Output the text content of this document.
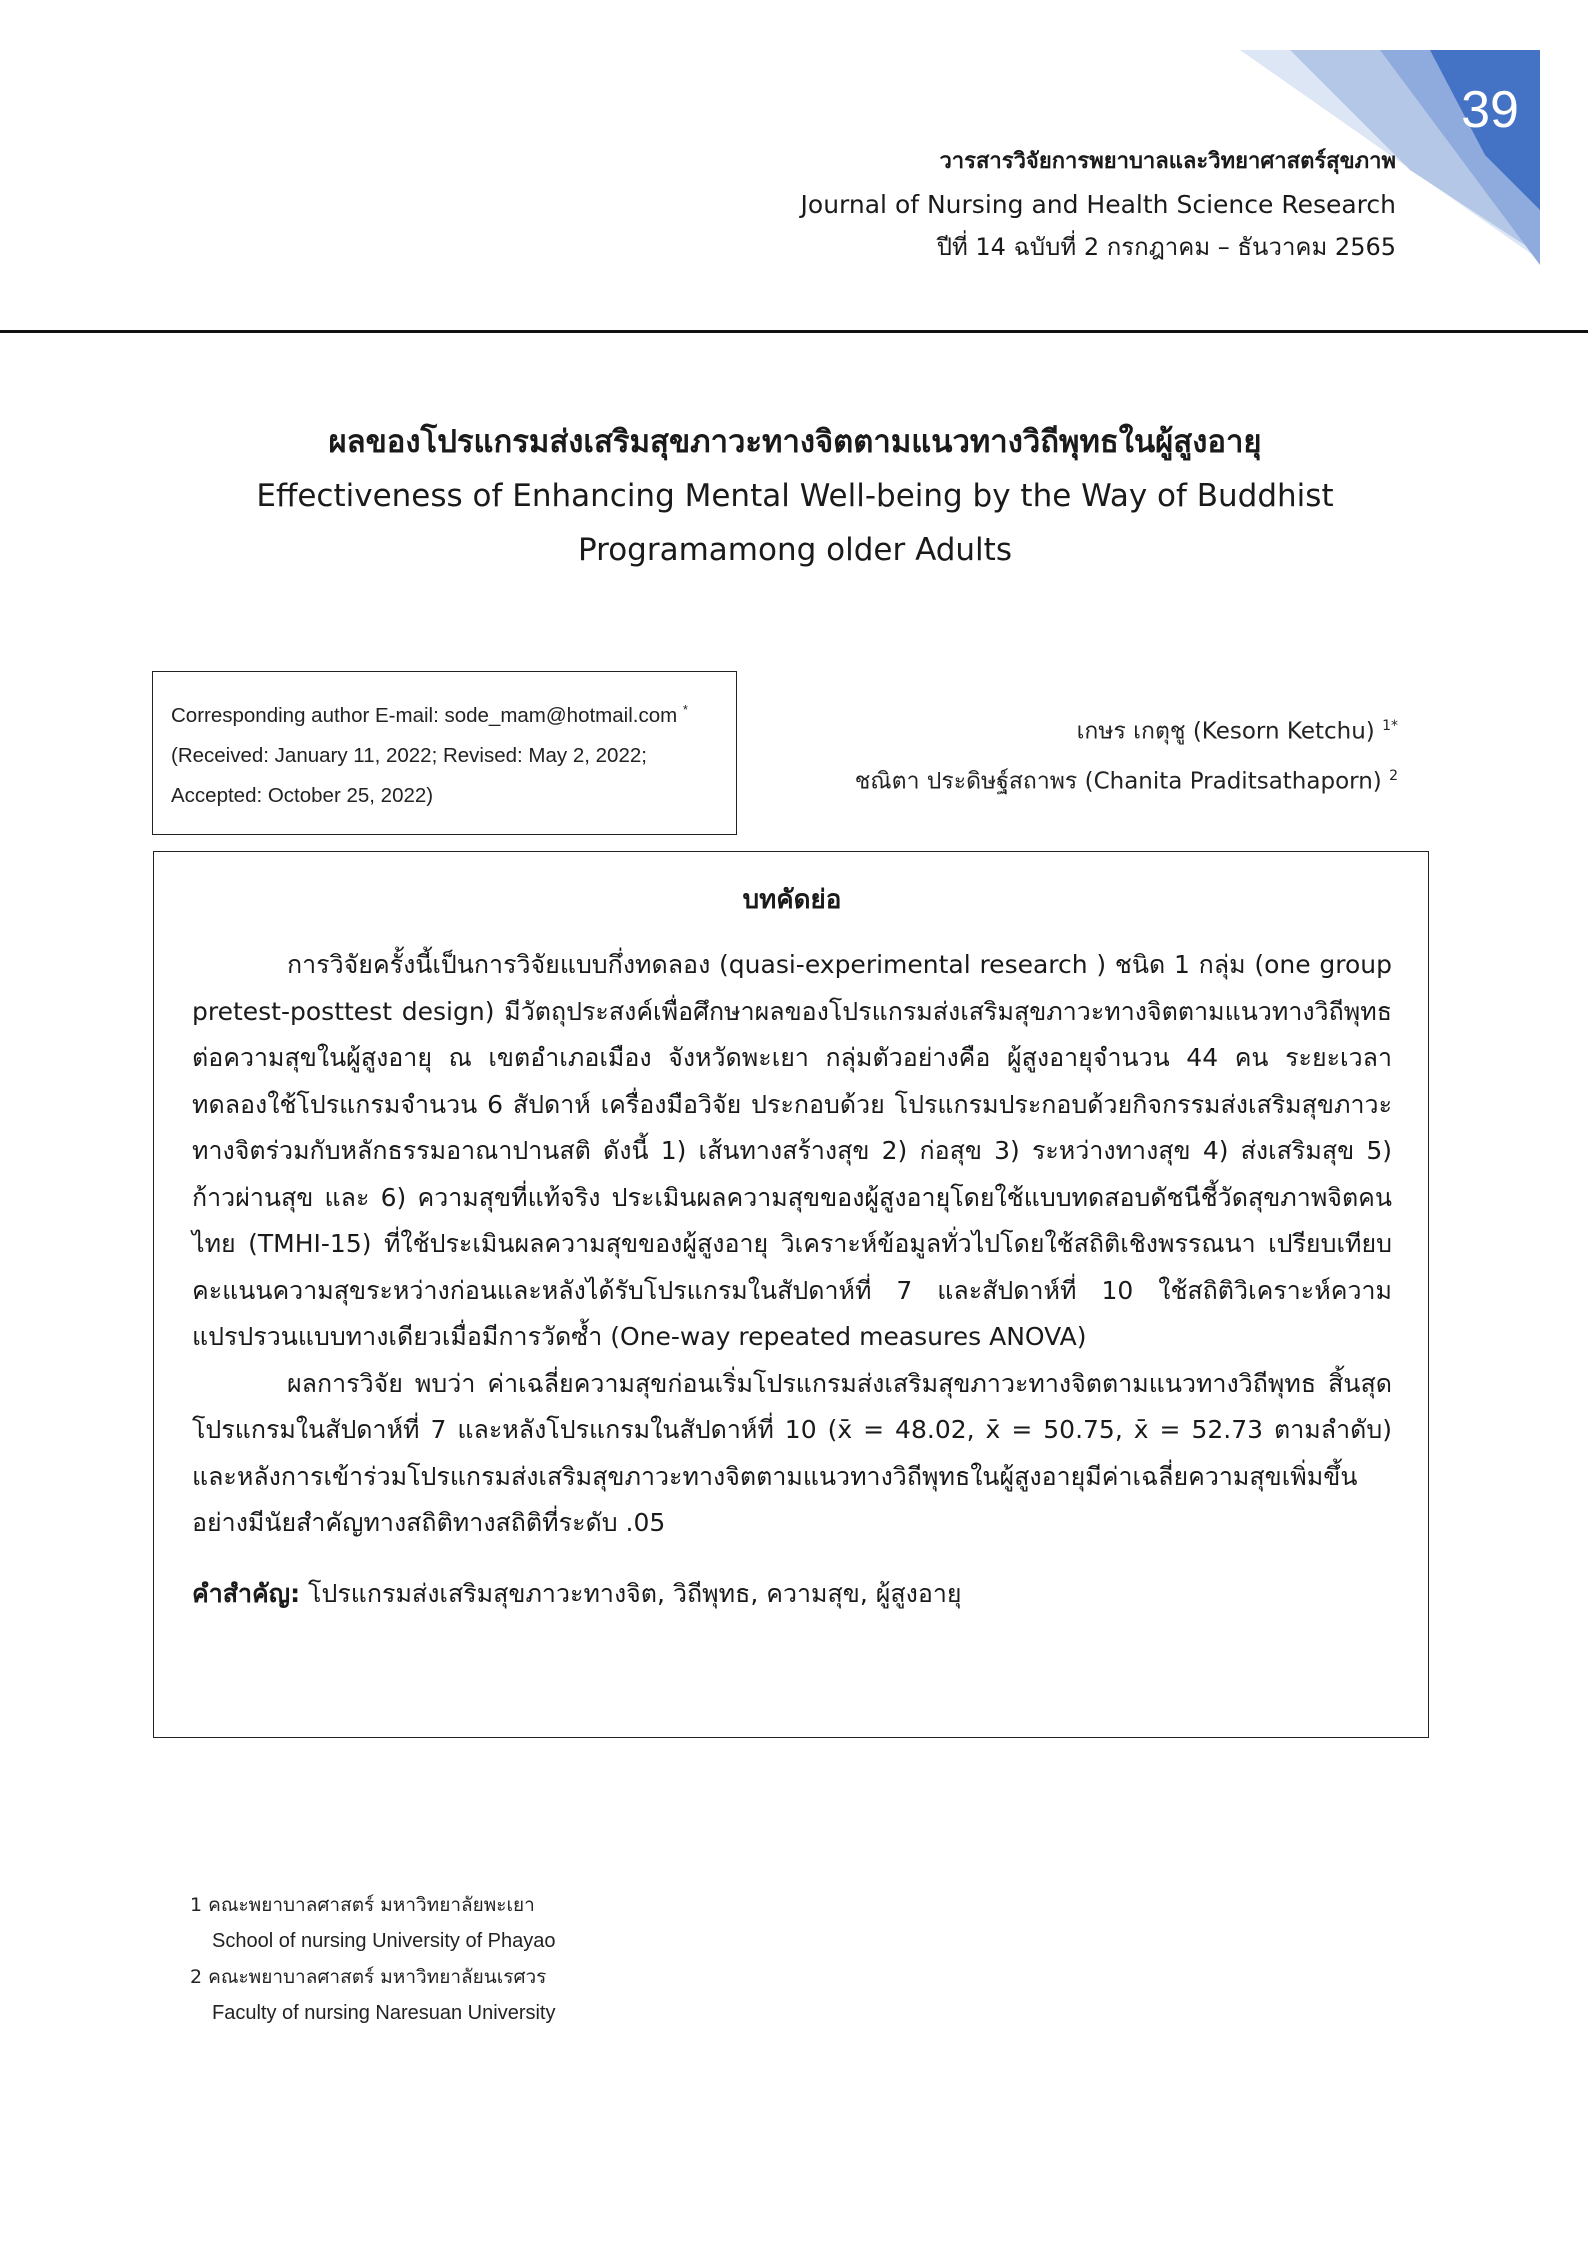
39
วารสารวิจัยการพยาบาลและวิทยาศาสตร์สุขภาพ
Journal of Nursing and Health Science Research
ปีที่ 14 ฉบับที่ 2 กรกฎาคม – ธันวาคม 2565
ผลของโปรแกรมส่งเสริมสุขภาวะทางจิตตามแนวทางวิถีพุทธในผู้สูงอายุ
Effectiveness of Enhancing Mental Well-being by the Way of Buddhist
Programamong older Adults
Corresponding author E-mail: sode_mam@hotmail.com *
(Received: January 11, 2022; Revised: May 2, 2022;
Accepted: October 25, 2022)
เกษร เกตุชู (Kesorn Ketchu) $^{1*}$
ชณิตา ประดิษฐ์สถาพร (Chanita Praditsathaporn) $^2$
บทคัดย่อ

การวิจัยครั้งนี้เป็นการวิจัยแบบกึ่งทดลอง (quasi-experimental research ) ชนิด 1 กลุ่ม (one group pretest-posttest design) มีวัตถุประสงค์เพื่อศึกษาผลของโปรแกรมส่งเสริมสุขภาวะทางจิตตามแนวทางวิถีพุทธต่อความสุขในผู้สูงอายุ ณ เขตอำเภอเมือง จังหวัดพะเยา กลุ่มตัวอย่างคือ ผู้สูงอายุจำนวน 44 คน ระยะเวลาทดลองใช้โปรแกรมจำนวน 6 สัปดาห์ เครื่องมือวิจัย ประกอบด้วย โปรแกรมประกอบด้วยกิจกรรมส่งเสริมสุขภาวะทางจิตร่วมกับหลักธรรมอาณาปานสติ ดังนี้ 1) เส้นทางสร้างสุข 2) ก่อสุข 3) ระหว่างทางสุข 4) ส่งเสริมสุข 5) ก้าวผ่านสุข และ 6) ความสุขที่แท้จริง ประเมินผลความสุขของผู้สูงอายุโดยใช้แบบทดสอบดัชนีชี้วัดสุขภาพจิตคนไทย (TMHI-15) ที่ใช้ประเมินผลความสุขของผู้สูงอายุ วิเคราะห์ข้อมูลทั่วไปโดยใช้สถิติเชิงพรรณนา เปรียบเทียบคะแนนความสุขระหว่างก่อนและหลังได้รับโปรแกรมในสัปดาห์ที่ 7 และสัปดาห์ที่ 10 ใช้สถิติวิเคราะห์ความแปรปรวนแบบทางเดียวเมื่อมีการวัดซ้ำ (One-way repeated measures ANOVA)

ผลการวิจัย พบว่า ค่าเฉลี่ยความสุขก่อนเริ่มโปรแกรมส่งเสริมสุขภาวะทางจิตตามแนวทางวิถีพุทธ สิ้นสุดโปรแกรมในสัปดาห์ที่ 7 และหลังโปรแกรมในสัปดาห์ที่ 10 (x̄ = 48.02, x̄ = 50.75, x̄ = 52.73 ตามลำดับ) และหลังการเข้าร่วมโปรแกรมส่งเสริมสุขภาวะทางจิตตามแนวทางวิถีพุทธในผู้สูงอายุมีค่าเฉลี่ยความสุขเพิ่มขึ้นอย่างมีนัยสำคัญทางสถิติทางสถิติที่ระดับ .05

คำสำคัญ: โปรแกรมส่งเสริมสุขภาวะทางจิต, วิถีพุทธ, ความสุข, ผู้สูงอายุ
1 คณะพยาบาลศาสตร์ มหาวิทยาลัยพะเยา
School of nursing University of Phayao
2 คณะพยาบาลศาสตร์ มหาวิทยาลัยนเรศวร
Faculty of nursing Naresuan University
